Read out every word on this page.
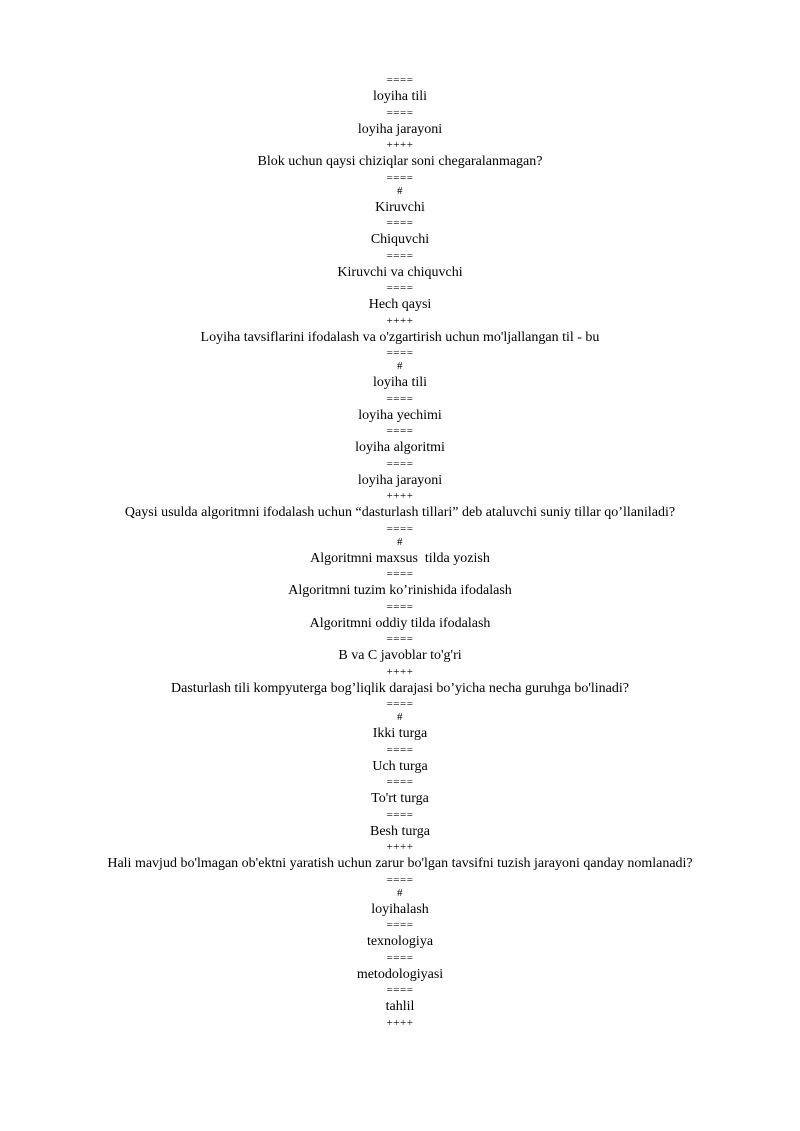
====
loyiha tili
====
loyiha jarayoni
++++
Blok uchun qaysi chiziqlar soni chegaralanmagan?
====
#
Kiruvchi
====
Chiquvchi
====
Kiruvchi va chiquvchi
====
Hech qaysi
++++
Loyiha tavsiflarini ifodalash va o'zgartirish uchun mo'ljallangan til - bu
====
#
loyiha tili
====
loyiha yechimi
====
loyiha algoritmi
====
loyiha jarayoni
++++
Qaysi usulda algoritmni ifodalash uchun “dasturlash tillari” deb ataluvchi suniy tillar qo’llaniladi?
====
#
Algoritmni maxsus  tilda yozish
====
Algoritmni tuzim ko’rinishida ifodalash
====
Algoritmni oddiy tilda ifodalash
====
B va C javoblar to'g'ri
++++
Dasturlash tili kompyuterga bog’liqlik darajasi bo’yicha necha guruhga bo'linadi?
====
#
Ikki turga
====
Uch turga
====
To'rt turga
====
Besh turga
++++
Hali mavjud bo'lmagan ob'ektni yaratish uchun zarur bo'lgan tavsifni tuzish jarayoni qanday nomlanadi?
====
#
loyihalash
====
texnologiya
====
metodologiyasi
====
tahlil
++++
